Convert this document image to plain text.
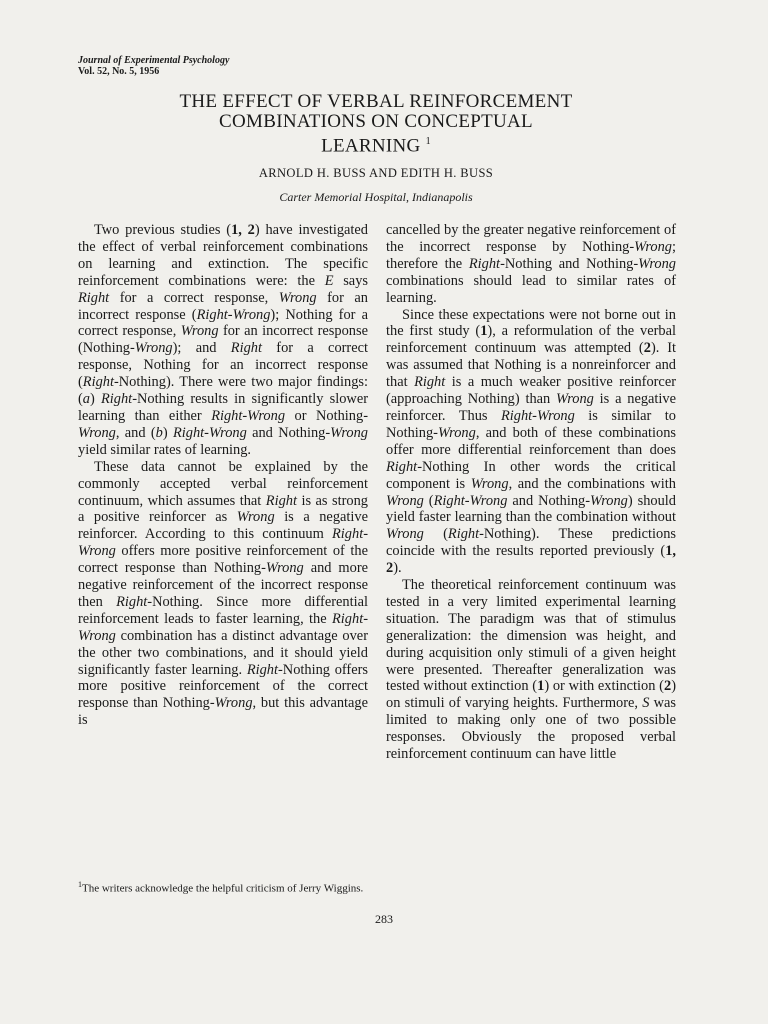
Journal of Experimental Psychology
Vol. 52, No. 5, 1956
THE EFFECT OF VERBAL REINFORCEMENT
COMBINATIONS ON CONCEPTUAL
LEARNING $^1$
ARNOLD H. BUSS AND EDITH H. BUSS
Carter Memorial Hospital, Indianapolis

Two previous studies (1, 2) have investigated the effect of verbal reinforcement combinations on learning and extinction. The specific reinforcement combinations were: the E says Right for a correct response, Wrong for an incorrect response (Right-Wrong); Nothing for a correct response, Wrong for an incorrect response (Nothing-Wrong); and Right for a correct response, Nothing for an incorrect response (Right-Nothing). There were two major findings: (a) Right-Nothing results in significantly slower learning than either Right-Wrong or Nothing-Wrong, and (b) Right-Wrong and Nothing-Wrong yield similar rates of learning.

These data cannot be explained by the commonly accepted verbal reinforcement continuum, which assumes that Right is as strong a positive reinforcer as Wrong is a negative reinforcer. According to this continuum Right-Wrong offers more positive reinforcement of the correct response than Nothing-Wrong and more negative reinforcement of the incorrect response then Right-Nothing. Since more differential reinforcement leads to faster learning, the Right-Wrong combination has a distinct advantage over the other two combinations, and it should yield significantly faster learning. Right-Nothing offers more positive reinforcement of the correct response than Nothing-Wrong, but this advantage is

cancelled by the greater negative reinforcement of the incorrect response by Nothing-Wrong; therefore the Right-Nothing and Nothing-Wrong combinations should lead to similar rates of learning.

Since these expectations were not borne out in the first study (1), a reformulation of the verbal reinforcement continuum was attempted (2). It was assumed that Nothing is a nonreinforcer and that Right is a much weaker positive reinforcer (approaching Nothing) than Wrong is a negative reinforcer. Thus Right-Wrong is similar to Nothing-Wrong, and both of these combinations offer more differential reinforcement than does Right-Nothing In other words the critical component is Wrong, and the combinations with Wrong (Right-Wrong and Nothing-Wrong) should yield faster learning than the combination without Wrong (Right-Nothing). These predictions coincide with the results reported previously (1, 2).

The theoretical reinforcement continuum was tested in a very limited experimental learning situation. The paradigm was that of stimulus generalization: the dimension was height, and during acquisition only stimuli of a given height were presented. Thereafter generalization was tested without extinction (1) or with extinction (2) on stimuli of varying heights. Furthermore, S was limited to making only one of two possible responses. Obviously the proposed verbal reinforcement continuum can have little

$^1$The writers acknowledge the helpful criticism of Jerry Wiggins.
283
